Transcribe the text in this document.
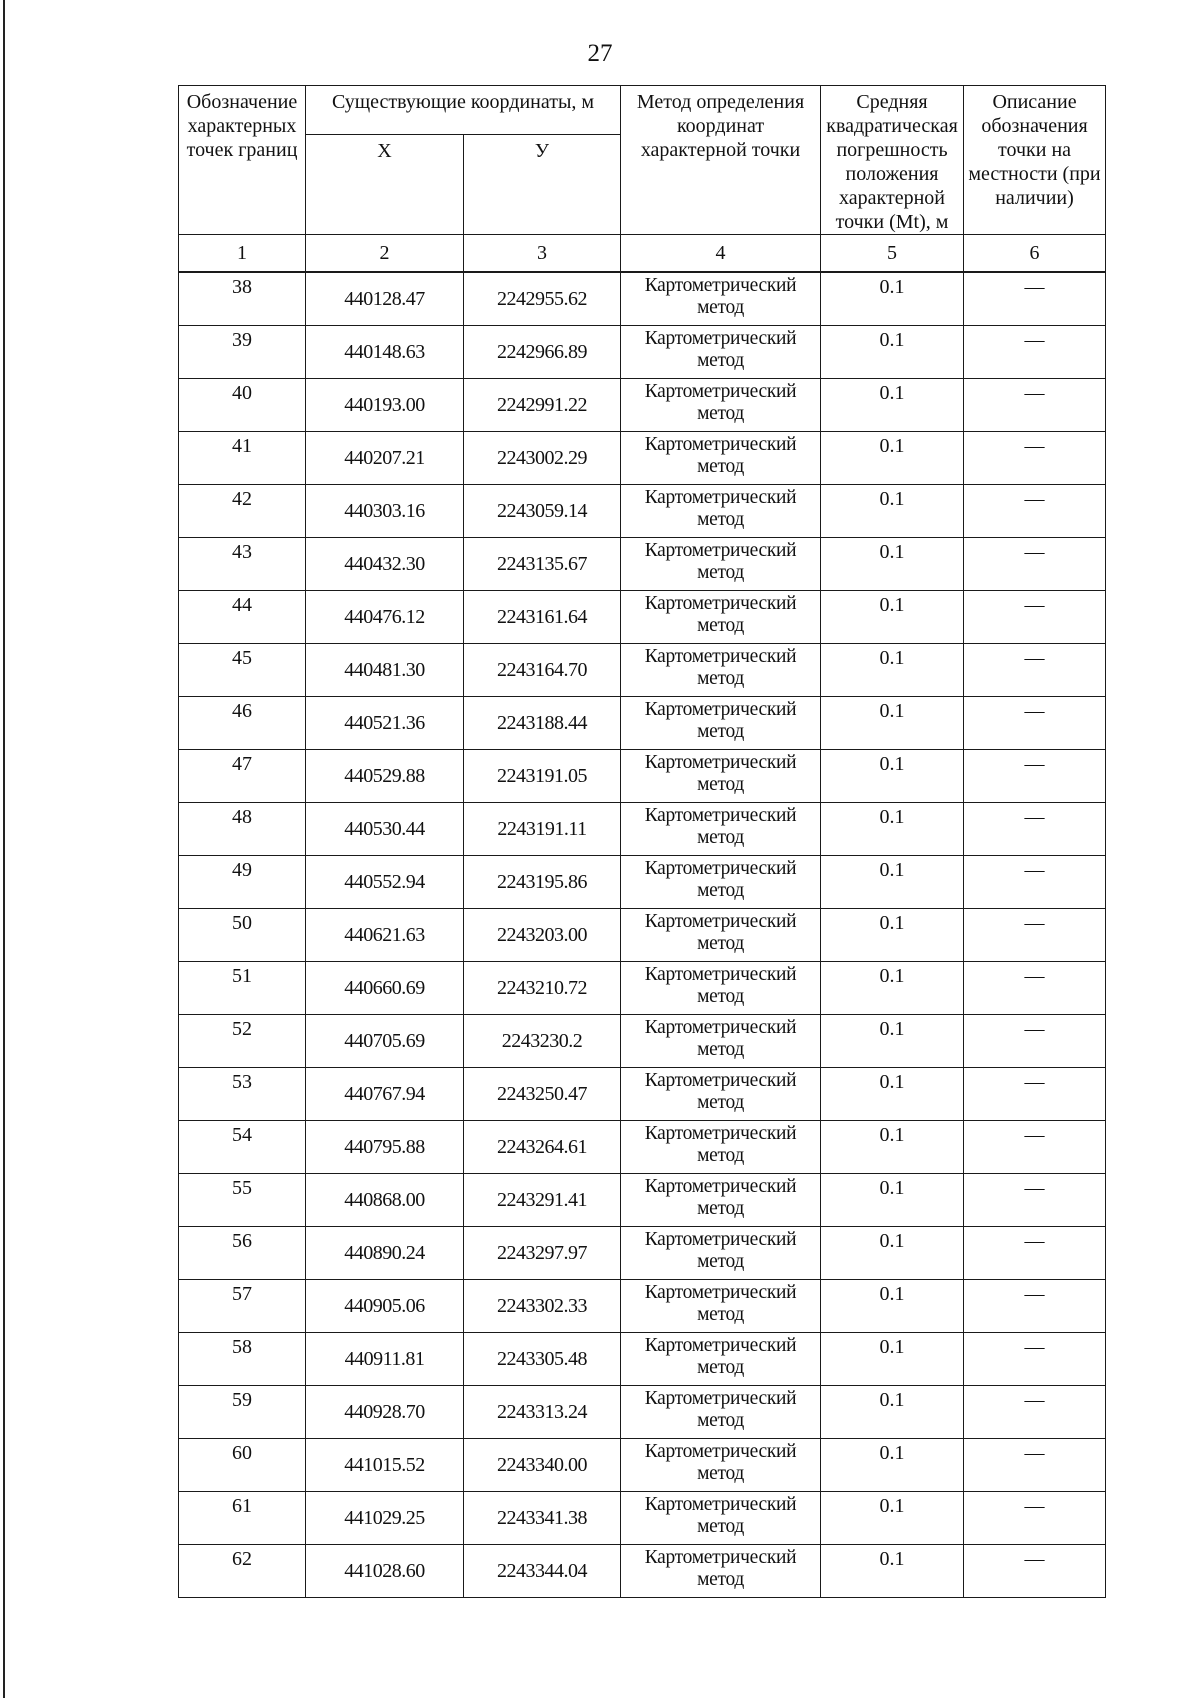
27
Обозначение характерных точек границ	Существующие координаты, м		Метод определения координат характерной точки	Средняя квадратическая погрешность положения характерной точки (Mt), м	Описание обозначения точки на местности (при наличии)
	X	У			
1	2	3	4	5	6
38	440128.47	2242955.62	Картометрический метод	0.1	—
39	440148.63	2242966.89	Картометрический метод	0.1	—
40	440193.00	2242991.22	Картометрический метод	0.1	—
41	440207.21	2243002.29	Картометрический метод	0.1	—
42	440303.16	2243059.14	Картометрический метод	0.1	—
43	440432.30	2243135.67	Картометрический метод	0.1	—
44	440476.12	2243161.64	Картометрический метод	0.1	—
45	440481.30	2243164.70	Картометрический метод	0.1	—
46	440521.36	2243188.44	Картометрический метод	0.1	—
47	440529.88	2243191.05	Картометрический метод	0.1	—
48	440530.44	2243191.11	Картометрический метод	0.1	—
49	440552.94	2243195.86	Картометрический метод	0.1	—
50	440621.63	2243203.00	Картометрический метод	0.1	—
51	440660.69	2243210.72	Картометрический метод	0.1	—
52	440705.69	2243230.2	Картометрический метод	0.1	—
53	440767.94	2243250.47	Картометрический метод	0.1	—
54	440795.88	2243264.61	Картометрический метод	0.1	—
55	440868.00	2243291.41	Картометрический метод	0.1	—
56	440890.24	2243297.97	Картометрический метод	0.1	—
57	440905.06	2243302.33	Картометрический метод	0.1	—
58	440911.81	2243305.48	Картометрический метод	0.1	—
59	440928.70	2243313.24	Картометрический метод	0.1	—
60	441015.52	2243340.00	Картометрический метод	0.1	—
61	441029.25	2243341.38	Картометрический метод	0.1	—
62	441028.60	2243344.04	Картометрический метод	0.1	—
